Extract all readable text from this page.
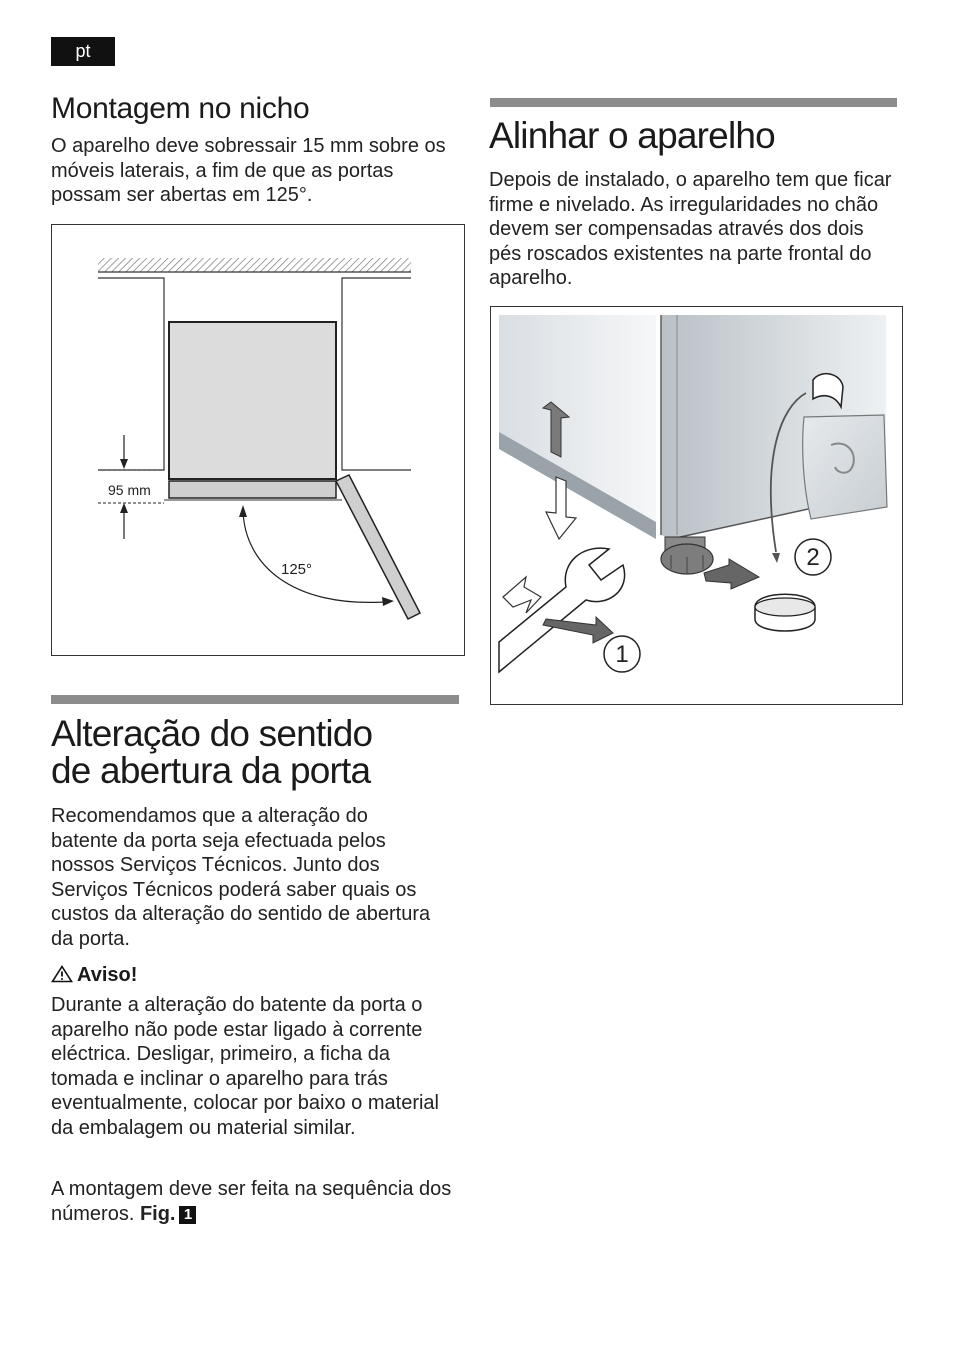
pt
Montagem no nicho

O aparelho deve sobressair 15 mm sobre os móveis laterais, a fim de que as portas possam ser abertas em 125°.

95 mm
125°
Alteração do sentido
de abertura da porta

Recomendamos que a alteração do batente da porta seja efectuada pelos nossos Serviços Técnicos. Junto dos Serviços Técnicos poderá saber quais os custos da alteração do sentido de abertura da porta.

Aviso!

Durante a alteração do batente da porta o aparelho não pode estar ligado à corrente eléctrica. Desligar, primeiro, a ficha da tomada e inclinar o aparelho para trás eventualmente, colocar por baixo o material da embalagem ou material similar.

A montagem deve ser feita na sequência dos números. Fig. 1

Alinhar o aparelho

Depois de instalado, o aparelho tem que ficar firme e nivelado. As irregularidades no chão devem ser compensadas através dos dois pés roscados existentes na parte frontal do aparelho.

1
2
